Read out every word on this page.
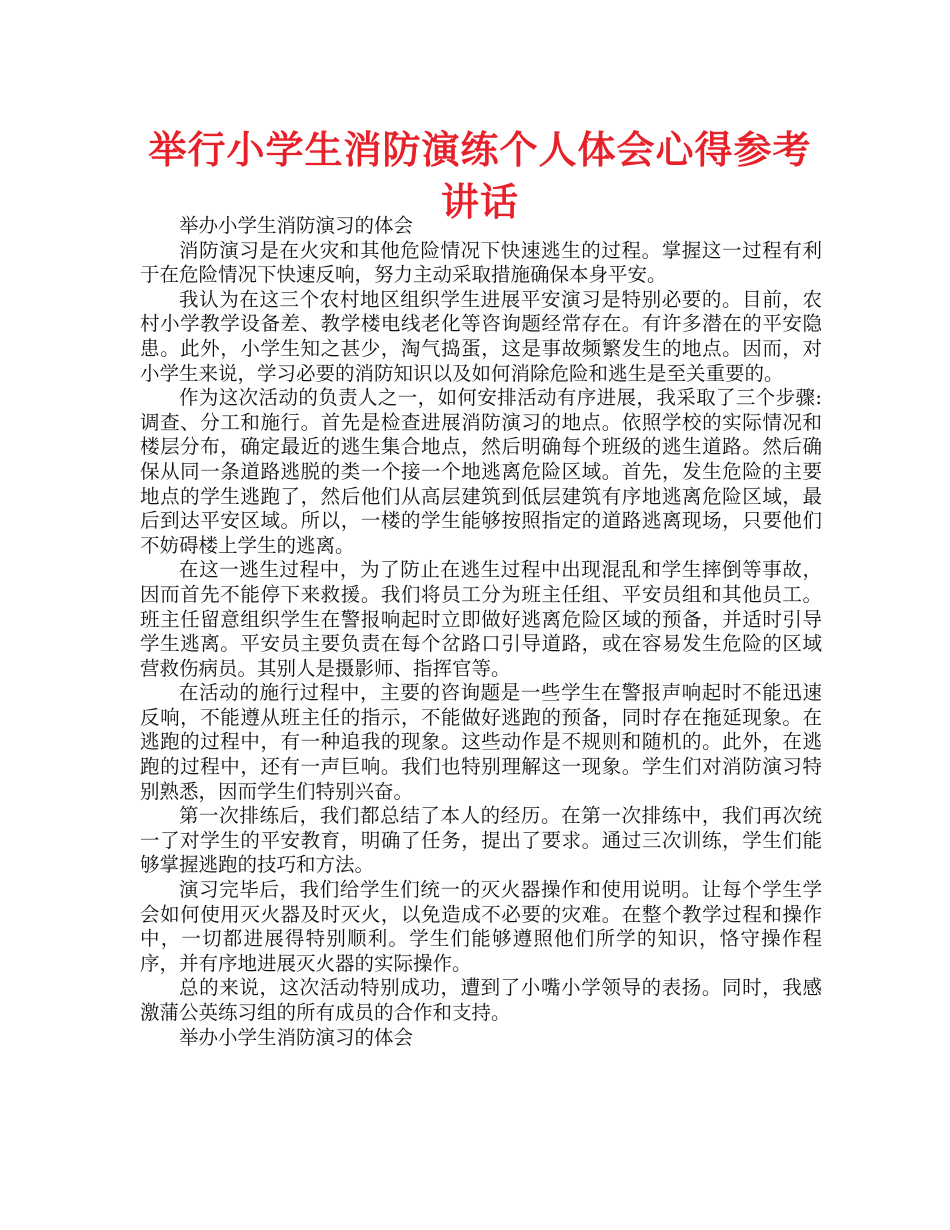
举行小学生消防演练个人体会心得参考讲话

举办小学生消防演习的体会

消防演习是在火灾和其他危险情况下快速逃生的过程。掌握这一过程有利于在危险情况下快速反响，努力主动采取措施确保本身平安。

我认为在这三个农村地区组织学生进展平安演习是特别必要的。目前，农村小学教学设备差、教学楼电线老化等咨询题经常存在。有许多潜在的平安隐患。此外，小学生知之甚少，淘气捣蛋，这是事故频繁发生的地点。因而，对小学生来说，学习必要的消防知识以及如何消除危险和逃生是至关重要的。

作为这次活动的负责人之一，如何安排活动有序进展，我采取了三个步骤:调查、分工和施行。首先是检查进展消防演习的地点。依照学校的实际情况和楼层分布，确定最近的逃生集合地点，然后明确每个班级的逃生道路。然后确保从同一条道路逃脱的类一个接一个地逃离危险区域。首先，发生危险的主要地点的学生逃跑了，然后他们从高层建筑到低层建筑有序地逃离危险区域，最后到达平安区域。所以，一楼的学生能够按照指定的道路逃离现场，只要他们不妨碍楼上学生的逃离。

在这一逃生过程中，为了防止在逃生过程中出现混乱和学生摔倒等事故，因而首先不能停下来救援。我们将员工分为班主任组、平安员组和其他员工。班主任留意组织学生在警报响起时立即做好逃离危险区域的预备，并适时引导学生逃离。平安员主要负责在每个岔路口引导道路，或在容易发生危险的区域营救伤病员。其别人是摄影师、指挥官等。

在活动的施行过程中，主要的咨询题是一些学生在警报声响起时不能迅速反响，不能遵从班主任的指示，不能做好逃跑的预备，同时存在拖延现象。在逃跑的过程中，有一种追我的现象。这些动作是不规则和随机的。此外，在逃跑的过程中，还有一声巨响。我们也特别理解这一现象。学生们对消防演习特别熟悉，因而学生们特别兴奋。

第一次排练后，我们都总结了本人的经历。在第一次排练中，我们再次统一了对学生的平安教育，明确了任务，提出了要求。通过三次训练，学生们能够掌握逃跑的技巧和方法。

演习完毕后，我们给学生们统一的灭火器操作和使用说明。让每个学生学会如何使用灭火器及时灭火，以免造成不必要的灾难。在整个教学过程和操作中，一切都进展得特别顺利。学生们能够遵照他们所学的知识，恪守操作程序，并有序地进展灭火器的实际操作。

总的来说，这次活动特别成功，遭到了小嘴小学领导的表扬。同时，我感激蒲公英练习组的所有成员的合作和支持。

举办小学生消防演习的体会
